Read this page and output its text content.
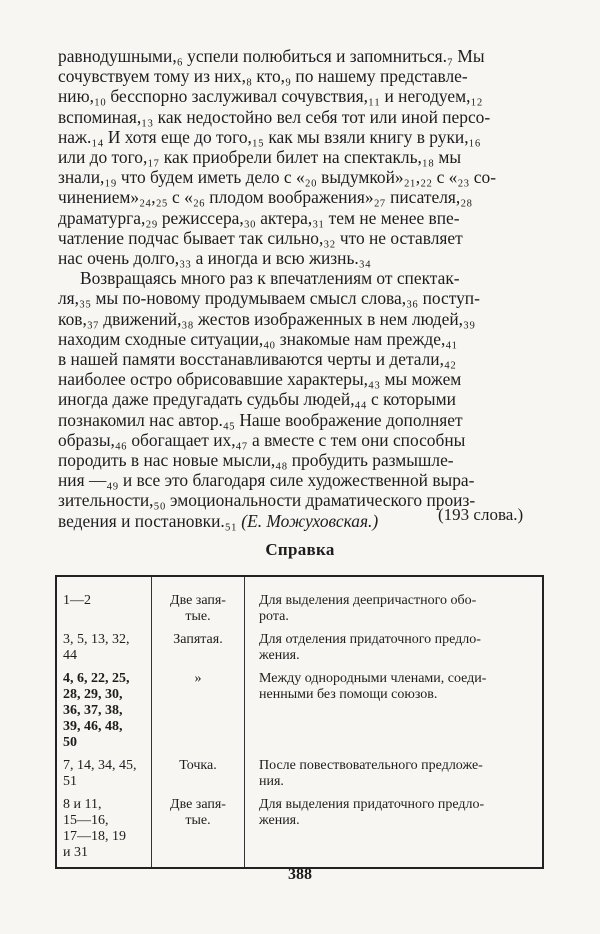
равнодушными,₆ успели полюбиться и запомниться.₇ Мы

сочувствуем тому из них,₈ кто,₉ по нашему представле-

нию,₁₀ бесспорно заслуживал сочувствия,₁₁ и негодуем,₁₂

вспоминая,₁₃ как недостойно вел себя тот или иной персо-

наж.₁₄ И хотя еще до того,₁₅ как мы взяли книгу в руки,₁₆

или до того,₁₇ как приобрели билет на спектакль,₁₈ мы

знали,₁₉ что будем иметь дело с «₂₀ выдумкой»₂₁,₂₂ с «₂₃ со-

чинением»₂₄,₂₅ с «₂₆ плодом воображения»₂₇ писателя,₂₈

драматурга,₂₉ режиссера,₃₀ актера,₃₁ тем не менее впе-

чатление подчас бывает так сильно,₃₂ что не оставляет

нас очень долго,₃₃ а иногда и всю жизнь.₃₄

Возвращаясь много раз к впечатлениям от спектак-

ля,₃₅ мы по-новому продумываем смысл слова,₃₆ поступ-

ков,₃₇ движений,₃₈ жестов изображенных в нем людей,₃₉

находим сходные ситуации,₄₀ знакомые нам прежде,₄₁

в нашей памяти восстанавливаются черты и детали,₄₂

наиболее остро обрисовавшие характеры,₄₃ мы можем

иногда даже предугадать судьбы людей,₄₄ с которыми

познакомил нас автор.₄₅ Наше воображение дополняет

образы,₄₆ обогащает их,₄₇ а вместе с тем они способны

породить в нас новые мысли,₄₈ пробудить размышле-

ния —₄₉ и все это благодаря силе художественной выра-

зительности,₅₀ эмоциональности драматического произ-

ведения и постановки.₅₁ (Е. Можуховская.)	(193 слова.)
Справка
1—2	Две запя-
тые.	Для выделения деепричастного обо-
рота.
3, 5, 13, 32,
44	Запятая.	Для отделения придаточного предло-
жения.
4, 6, 22, 25,
28, 29, 30,
36, 37, 38,
39, 46, 48,
50	»	Между однородными членами, соеди-
ненными без помощи союзов.
7, 14, 34, 45,
51	Точка.	После повествовательного предложе-
ния.
8 и 11,
15—16,
17—18, 19
и 31	Две запя-
тые.	Для выделения придаточного предло-
жения.
388
